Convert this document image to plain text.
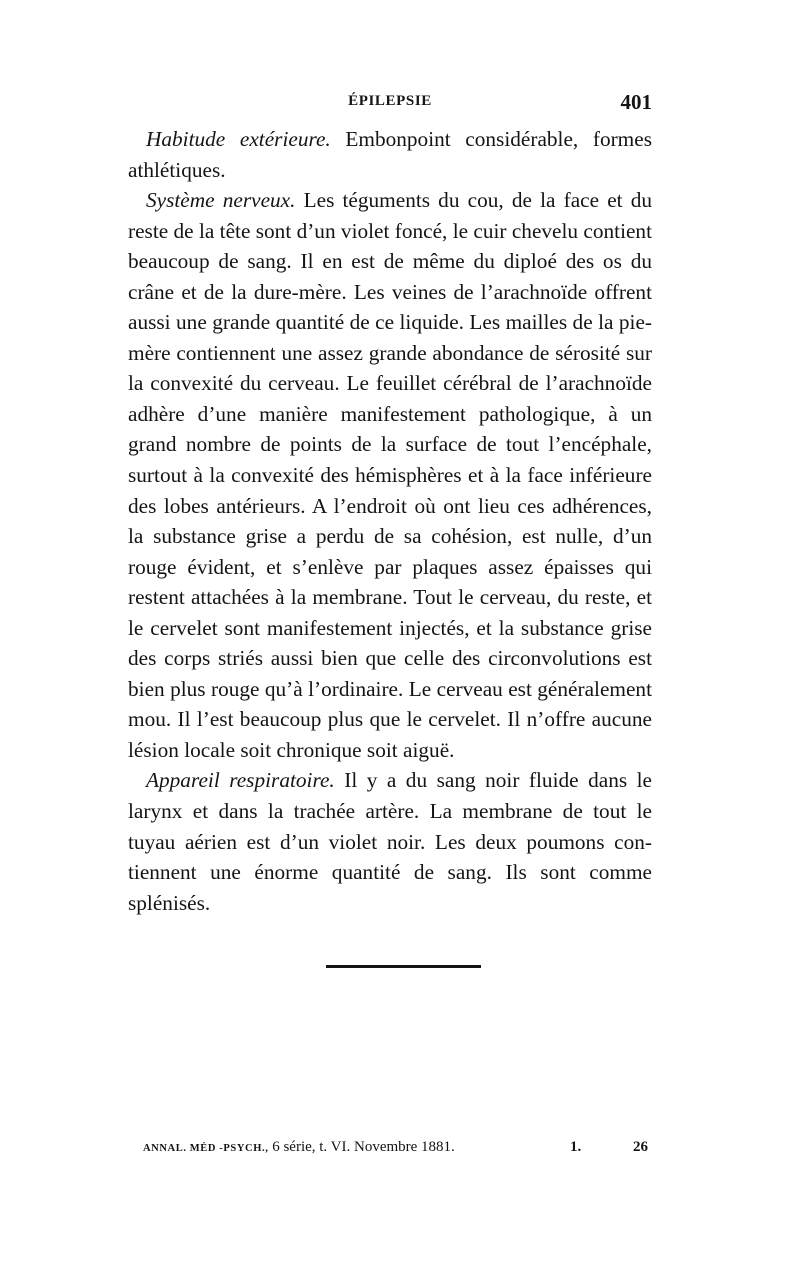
ÉPILEPSIE	401

Habitude extérieure. Embonpoint considérable, formes athlétiques.

Système nerveux. Les téguments du cou, de la face et du reste de la tête sont d’un violet foncé, le cuir chevelu contient beaucoup de sang. Il en est de même du diploé des os du crâne et de la dure-mère. Les veines de l’arachnoïde offrent aussi une grande quantité de ce liquide. Les mailles de la pie-mère contiennent une assez grande abondance de sérosité sur la convexité du cerveau. Le feuillet cérébral de l’arachnoïde adhère d’une manière manifestement pathologique, à un grand nombre de points de la surface de tout l’encéphale, surtout à la convexité des hémisphères et à la face inférieure des lobes antérieurs. A l’endroit où ont lieu ces adhérences, la substance grise a perdu de sa cohésion, est nulle, d’un rouge évident, et s’enlève par plaques assez épaisses qui restent attachées à la membrane. Tout le cerveau, du reste, et le cervelet sont manifestement injectés, et la substance grise des corps striés aussi bien que celle des circonvolutions est bien plus rouge qu’à l’ordinaire. Le cerveau est généralement mou. Il l’est beaucoup plus que le cervelet. Il n’offre aucune lésion locale soit chronique soit aiguë.

Appareil respiratoire. Il y a du sang noir fluide dans le larynx et dans la trachée artère. La membrane de tout le tuyau aérien est d’un violet noir. Les deux poumons contiennent une énorme quantité de sang. Ils sont comme splénisés.

ANNAL. MÉD -PSYCH., 6 série, t. VI. Novembre 1881.	1.	26
